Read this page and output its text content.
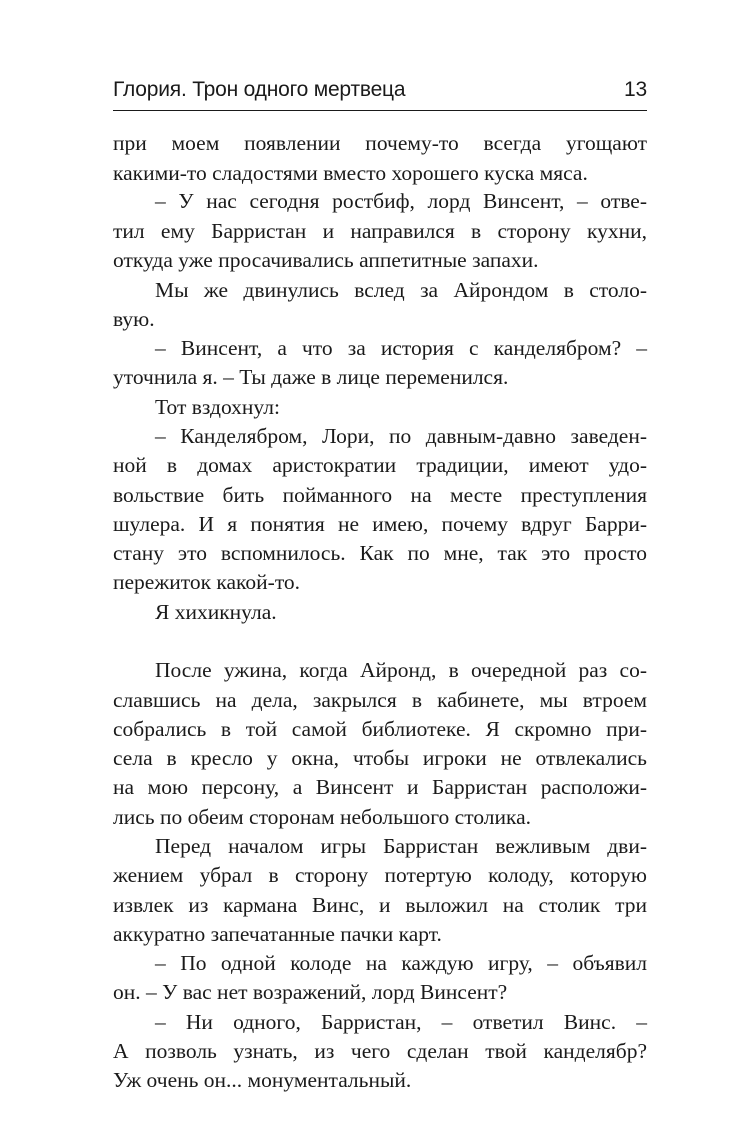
Глория. Трон одного мертвеца	13
при моем появлении почему-то всегда угощают
какими-то сладостями вместо хорошего куска мяса.
– У нас сегодня ростбиф, лорд Винсент, – отве-
тил ему Барристан и направился в сторону кухни,
откуда уже просачивались аппетитные запахи.
Мы же двинулись вслед за Айрондом в столо-
вую.
– Винсент, а что за история с канделябром? –
уточнила я. – Ты даже в лице переменился.
Тот вздохнул:
– Канделябром, Лори, по давным-давно заведен-
ной в домах аристократии традиции, имеют удо-
вольствие бить пойманного на месте преступления
шулера. И я понятия не имею, почему вдруг Барри-
стану это вспомнилось. Как по мне, так это просто
пережиток какой-то.
Я хихикнула.
После ужина, когда Айронд, в очередной раз со-
славшись на дела, закрылся в кабинете, мы втроем
собрались в той самой библиотеке. Я скромно при-
села в кресло у окна, чтобы игроки не отвлекались
на мою персону, а Винсент и Барристан расположи-
лись по обеим сторонам небольшого столика.
Перед началом игры Барристан вежливым дви-
жением убрал в сторону потертую колоду, которую
извлек из кармана Винс, и выложил на столик три
аккуратно запечатанные пачки карт.
– По одной колоде на каждую игру, – объявил
он. – У вас нет возражений, лорд Винсент?
– Ни одного, Барристан, – ответил Винс. –
А позволь узнать, из чего сделан твой канделябр?
Уж очень он... монументальный.
